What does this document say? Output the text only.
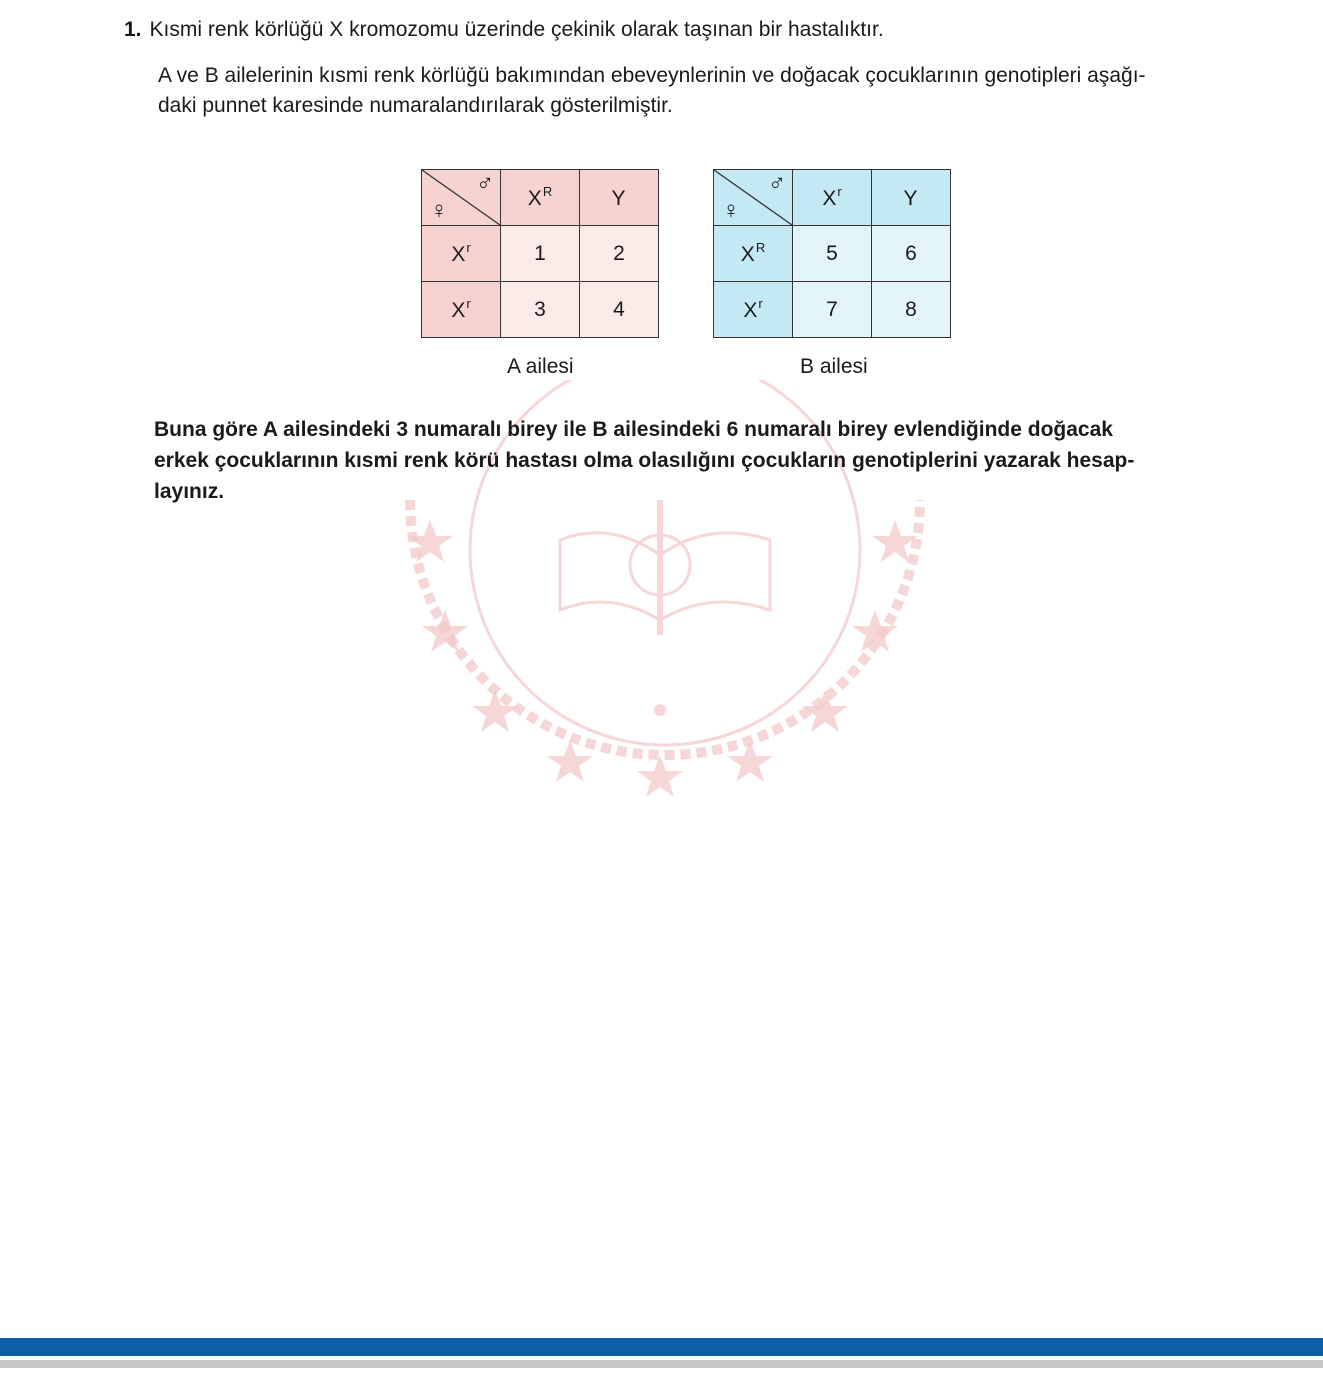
1. Kısmi renk körlüğü X kromozomu üzerinde çekinik olarak taşınan bir hastalıktır.

A ve B ailelerinin kısmi renk körlüğü bakımından ebeveynlerinin ve doğacak çocuklarının genotipleri aşağı-

daki punnet karesinde numaralandırılarak gösterilmiştir.

♀
♂	$X^R$	Y
$X^r$	1	2
$X^r$	3	4
♀
♂	$X^r$	Y
$X^R$	5	6
$X^r$	7	8
A ailesi	B ailesi

Buna göre A ailesindeki 3 numaralı birey ile B ailesindeki 6 numaralı birey evlendiğinde doğacak

erkek çocuklarının kısmi renk körü hastası olma olasılığını çocukların genotiplerini yazarak hesap-

layınız.
